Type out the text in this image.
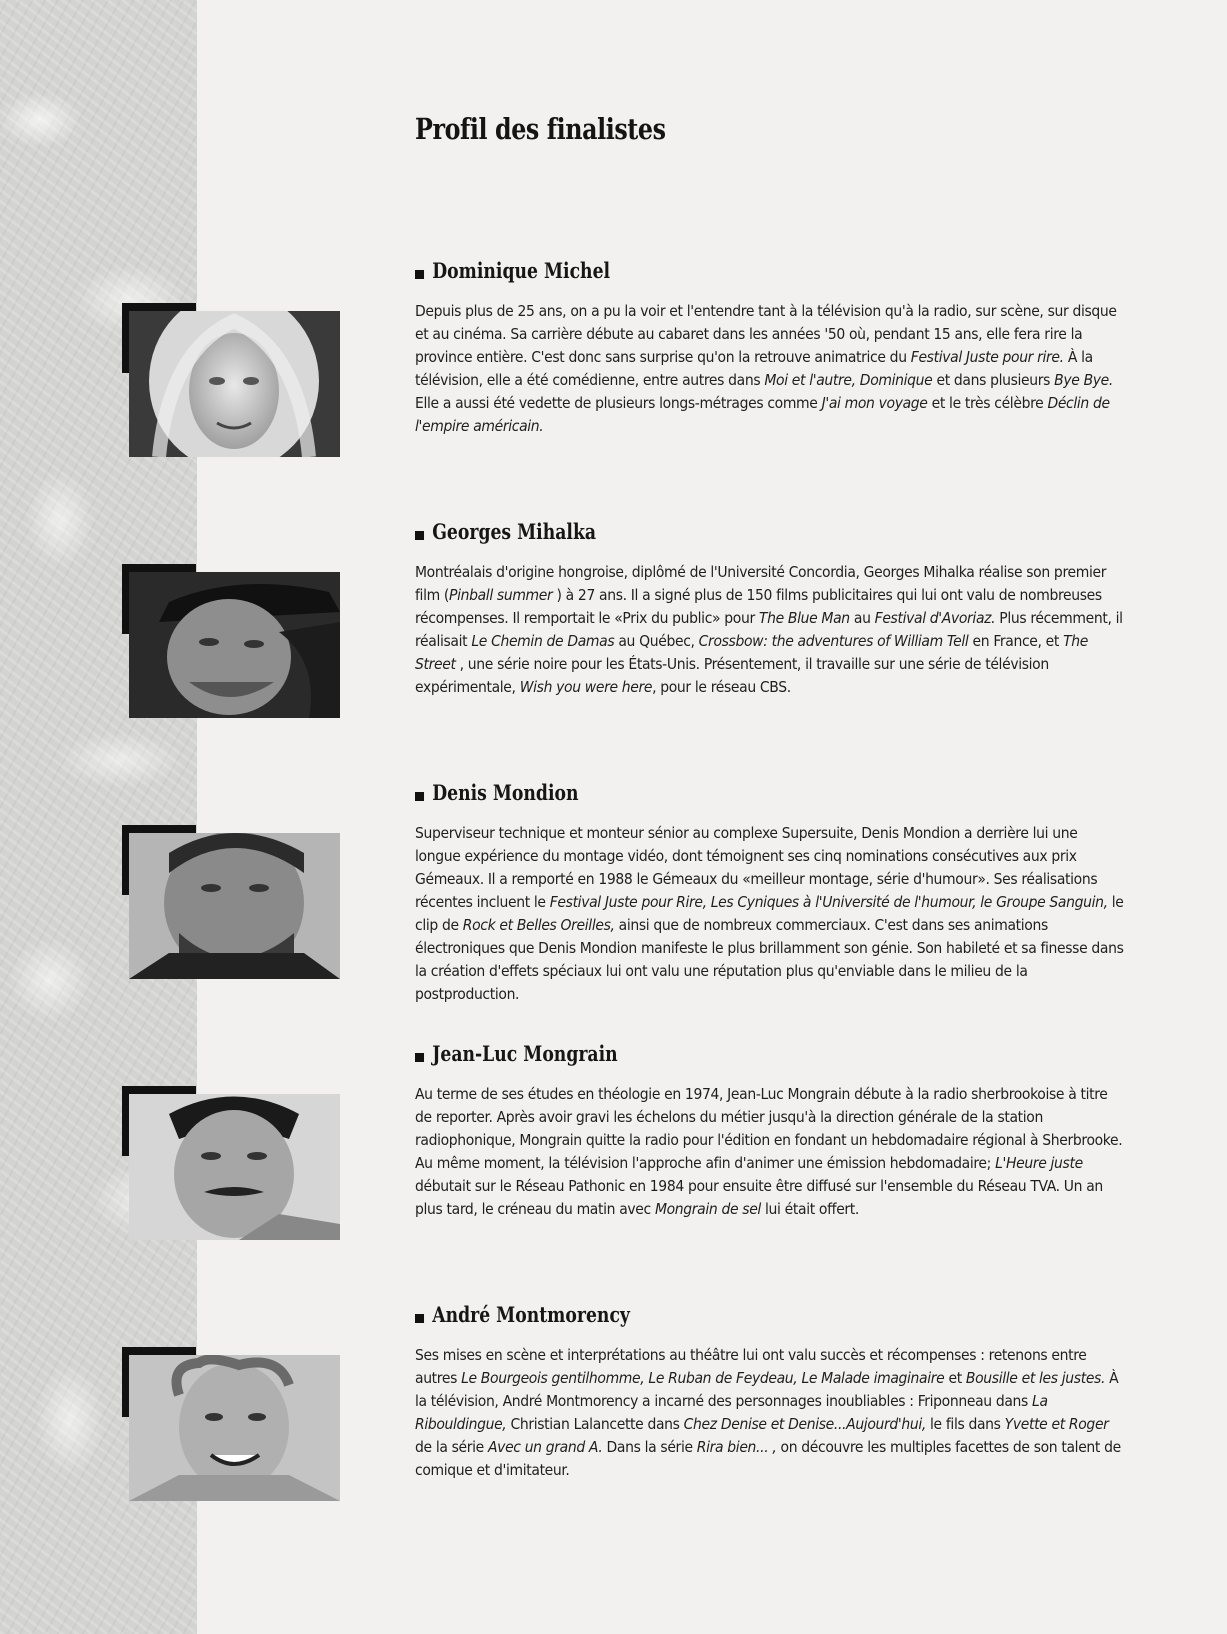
Profil des finalistes
Dominique Michel

Depuis plus de 25 ans, on a pu la voir et l'entendre tant à la télévision qu'à la radio, sur scène, sur disque et au cinéma. Sa carrière débute au cabaret dans les années '50 où, pendant 15 ans, elle fera rire la province entière. C'est donc sans surprise qu'on la retrouve animatrice du Festival Juste pour rire. À la télévision, elle a été comédienne, entre autres dans Moi et l'autre, Dominique et dans plusieurs Bye Bye. Elle a aussi été vedette de plusieurs longs-métrages comme J'ai mon voyage et le très célèbre Déclin de l'empire américain.

Georges Mihalka

Montréalais d'origine hongroise, diplômé de l'Université Concordia, Georges Mihalka réalise son premier film (Pinball summer ) à 27 ans. Il a signé plus de 150 films publicitaires qui lui ont valu de nombreuses récompenses. Il remportait le «Prix du public» pour The Blue Man au Festival d'Avoriaz. Plus récemment, il réalisait Le Chemin de Damas au Québec, Crossbow: the adventures of William Tell en France, et The Street , une série noire pour les États-Unis. Présentement, il travaille sur une série de télévision expérimentale, Wish you were here, pour le réseau CBS.

Denis Mondion

Superviseur technique et monteur sénior au complexe Supersuite, Denis Mondion a derrière lui une longue expérience du montage vidéo, dont témoignent ses cinq nominations consécutives aux prix Gémeaux. Il a remporté en 1988 le Gémeaux du «meilleur montage, série d'humour». Ses réalisations récentes incluent le Festival Juste pour Rire, Les Cyniques à l'Université de l'humour, le Groupe Sanguin, le clip de Rock et Belles Oreilles, ainsi que de nombreux commerciaux. C'est dans ses animations électroniques que Denis Mondion manifeste le plus brillamment son génie. Son habileté et sa finesse dans la création d'effets spéciaux lui ont valu une réputation plus qu'enviable dans le milieu de la postproduction.

Jean-Luc Mongrain

Au terme de ses études en théologie en 1974, Jean-Luc Mongrain débute à la radio sherbrookoise à titre de reporter. Après avoir gravi les échelons du métier jusqu'à la direction générale de la station radiophonique, Mongrain quitte la radio pour l'édition en fondant un hebdomadaire régional à Sherbrooke. Au même moment, la télévision l'approche afin d'animer une émission hebdomadaire; L'Heure juste débutait sur le Réseau Pathonic en 1984 pour ensuite être diffusé sur l'ensemble du Réseau TVA. Un an plus tard, le créneau du matin avec Mongrain de sel lui était offert.

André Montmorency

Ses mises en scène et interprétations au théâtre lui ont valu succès et récompenses : retenons entre autres Le Bourgeois gentilhomme, Le Ruban de Feydeau, Le Malade imaginaire et Bousille et les justes. À la télévision, André Montmorency a incarné des personnages inoubliables : Friponneau dans La Ribouldingue, Christian Lalancette dans Chez Denise et Denise...Aujourd'hui, le fils dans Yvette et Roger de la série Avec un grand A. Dans la série Rira bien... , on découvre les multiples facettes de son talent de comique et d'imitateur.
